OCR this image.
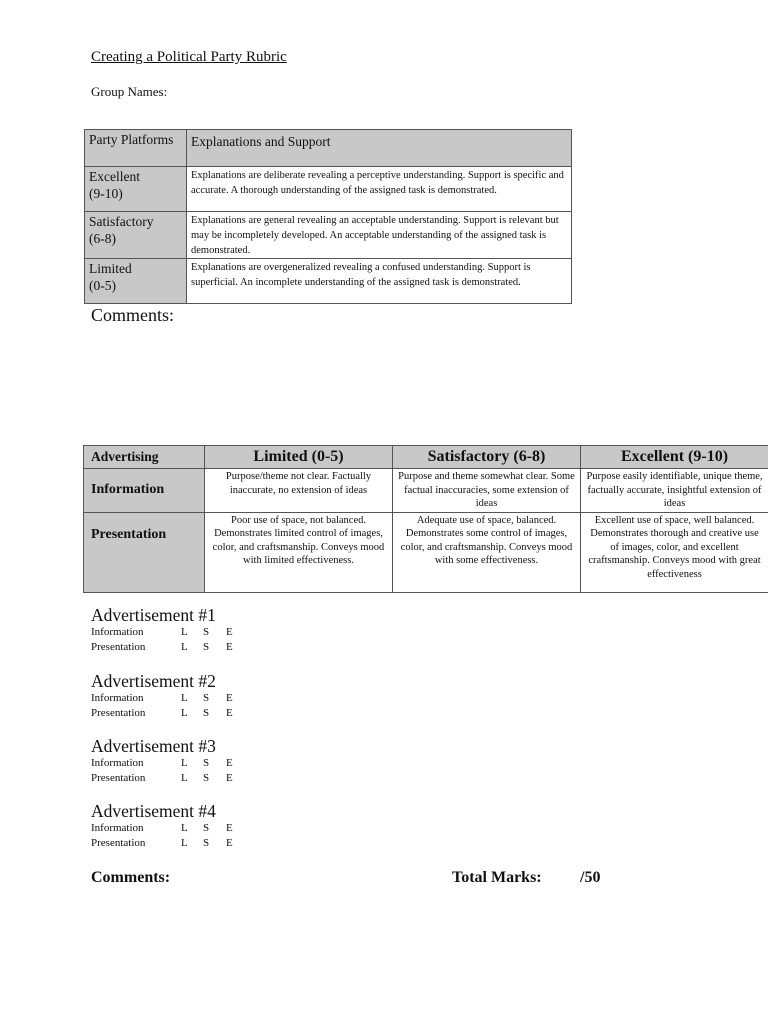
Creating a Political Party Rubric
Group Names:
Party Platforms	Explanations and Support

Excellent
(9-10)	Explanations are deliberate revealing a perceptive understanding. Support is specific and accurate. A thorough understanding of the assigned task is demonstrated.

Satisfactory
(6-8)	Explanations are general revealing an acceptable understanding. Support is relevant but may be incompletely developed. An acceptable understanding of the assigned task is demonstrated.

Limited
(0-5)	Explanations are overgeneralized revealing a confused understanding. Support is superficial. An incomplete understanding of the assigned task is demonstrated.
Comments:
Advertising	Limited (0-5)	Satisfactory (6-8)	Excellent (9-10)
Information	Purpose/theme not clear. Factually inaccurate, no extension of ideas	Purpose and theme somewhat clear. Some factual inaccuracies, some extension of ideas	Purpose easily identifiable, unique theme, factually accurate, insightful extension of ideas
Presentation	Poor use of space, not balanced. Demonstrates limited control of images, color, and craftsmanship. Conveys mood with limited effectiveness.	Adequate use of space, balanced. Demonstrates some control of images, color, and craftsmanship. Conveys mood with some effectiveness.	Excellent use of space, well balanced. Demonstrates thorough and creative use of images, color, and excellent craftsmanship. Conveys mood with great effectiveness
Advertisement #1
Information	L S E
Presentation	L S E
Advertisement #2
Information	L S E
Presentation	L S E
Advertisement #3
Information	L S E
Presentation	L S E
Advertisement #4
Information	L S E
Presentation	L S E
Comments:	Total Marks: /50
